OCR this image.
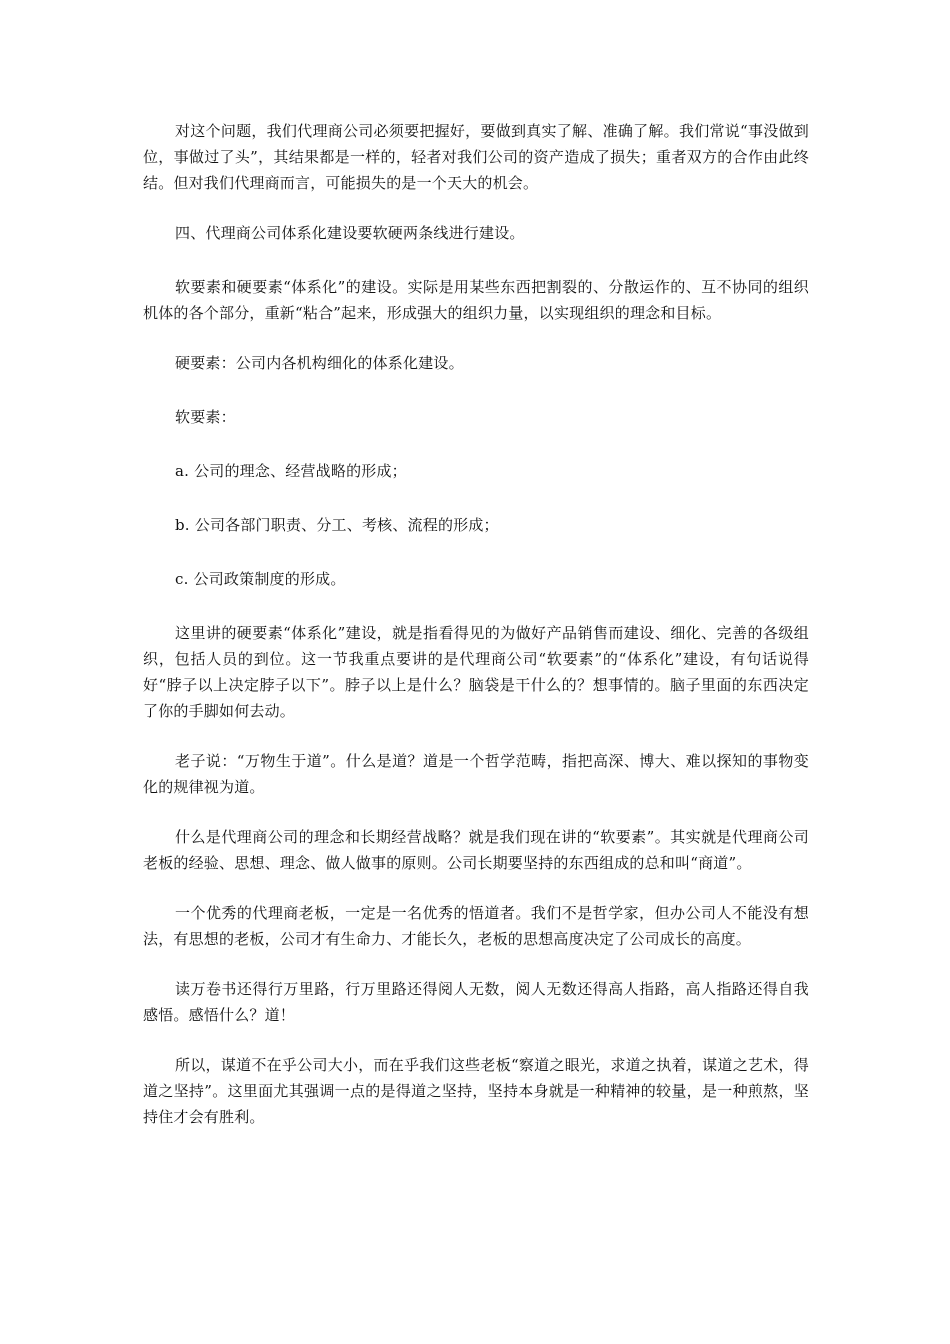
对这个问题，我们代理商公司必须要把握好，要做到真实了解、准确了解。我们常说“事没做到位，事做过了头”，其结果都是一样的，轻者对我们公司的资产造成了损失；重者双方的合作由此终结。但对我们代理商而言，可能损失的是一个天大的机会。

四、代理商公司体系化建设要软硬两条线进行建设。

软要素和硬要素“体系化”的建设。实际是用某些东西把割裂的、分散运作的、互不协同的组织机体的各个部分，重新“粘合”起来，形成强大的组织力量，以实现组织的理念和目标。

硬要素：公司内各机构细化的体系化建设。

软要素：

a. 公司的理念、经营战略的形成；

b. 公司各部门职责、分工、考核、流程的形成；

c. 公司政策制度的形成。

这里讲的硬要素“体系化”建设，就是指看得见的为做好产品销售而建设、细化、完善的各级组织，包括人员的到位。这一节我重点要讲的是代理商公司“软要素”的“体系化”建设，有句话说得好“脖子以上决定脖子以下”。脖子以上是什么？脑袋是干什么的？想事情的。脑子里面的东西决定了你的手脚如何去动。

老子说：“万物生于道”。什么是道？道是一个哲学范畴，指把高深、博大、难以探知的事物变化的规律视为道。

什么是代理商公司的理念和长期经营战略？就是我们现在讲的“软要素”。其实就是代理商公司老板的经验、思想、理念、做人做事的原则。公司长期要坚持的东西组成的总和叫“商道”。

一个优秀的代理商老板，一定是一名优秀的悟道者。我们不是哲学家，但办公司人不能没有想法，有思想的老板，公司才有生命力、才能长久，老板的思想高度决定了公司成长的高度。

读万卷书还得行万里路，行万里路还得阅人无数，阅人无数还得高人指路，高人指路还得自我感悟。感悟什么？道！

所以，谋道不在乎公司大小，而在乎我们这些老板“察道之眼光，求道之执着，谋道之艺术，得道之坚持”。这里面尤其强调一点的是得道之坚持，坚持本身就是一种精神的较量，是一种煎熬，坚持住才会有胜利。
